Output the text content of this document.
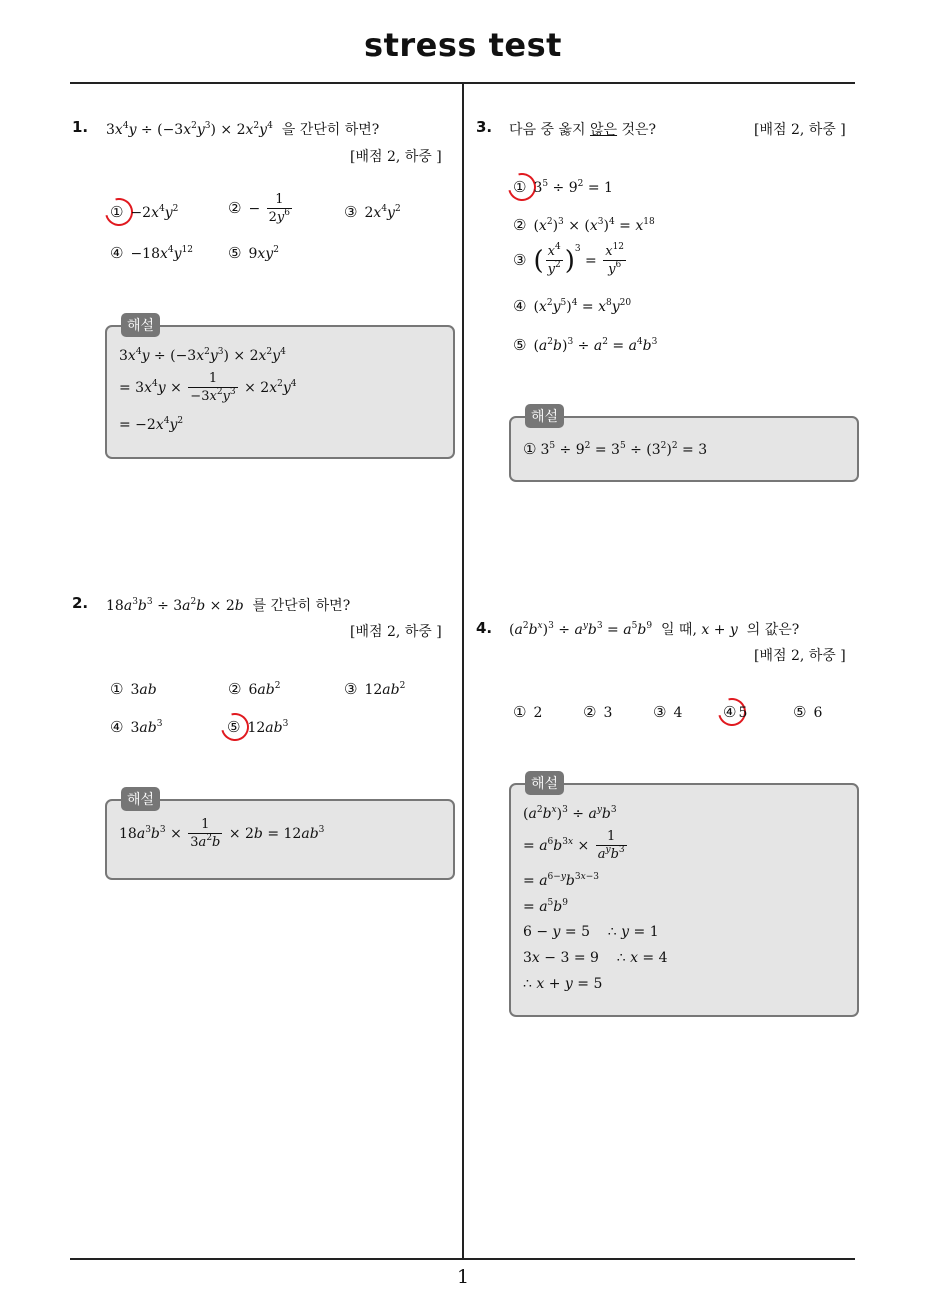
stress test
1
1. $3x^4y \div (-3x^2y^3) \times 2x^2y^4$ 을 간단히 하면?
[배점 2, 하중 ]
① $-2x^4y^2$	② − $\frac{1}{2y^6}$	③ $2x^4y^2$
④ $-18x^4y^{12}$ ⑤ $9xy^2$
해설
$3x^4y \div (-3x^2y^3) \times 2x^2y^4$
= $3x^4y \times \frac{1}{-3x^2y^3} \times 2x^2y^4$
= $-2x^4y^2$
2. $18a^3b^3 \div 3a^2b \times 2b$ 를 간단히 하면?
[배점 2, 하중 ]
① 3ab	② $6ab^2$	③ $12ab^2$
④ $3ab^3$	⑤ $12ab^3$
해설
$18a^3b^3 \times \frac{1}{3a^2b} \times 2b = 12ab^3$
3. 다음 중 옳지 않은 것은?	[배점 2, 하중 ]
① $3^5 \div 9^2 = 1$
② $(x^2)^3 \times (x^3)^4 = x^{18}$
③ ( $\frac{x^4}{y^2} )^3 = \frac{x^{12}}{y^6}$
④ $(x^2y^5)^4 = x^8y^{20}$
⑤ $(a^2b)^3 \div a^2 = a^4b^3$
해설
① $3^5 \div 9^2 = 3^5 \div (3^2)^2 = 3$
4. $(a^2b^x)^3 \div a^yb^3 = a^5b^9$ 일 때, x + y 의 값은?
[배점 2, 하중 ]
① 2	② 3	③ 4	④ 5	⑤ 6
해설
$(a^2b^x)^3 \div a^yb^3$
= $a^6b^{3x} \times \frac{1}{a^yb^3}$
= $a^{6-y}b^{3x-3}$
= $a^5b^9$
6 − y = 5    ∴ y = 1
3x − 3 = 9    ∴ x = 4
∴ x + y = 5
